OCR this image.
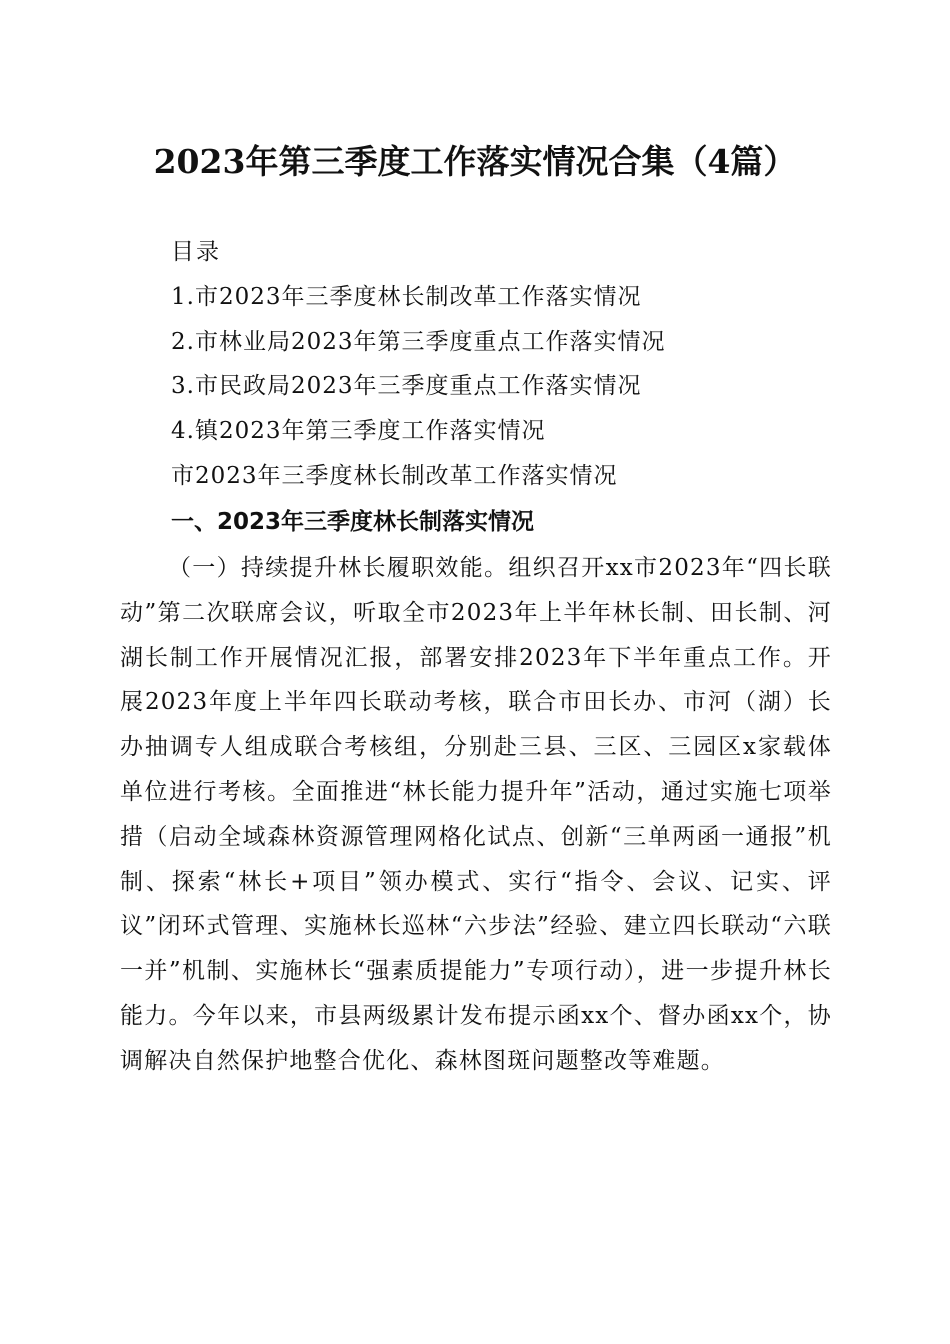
2023年第三季度工作落实情况合集（4篇）
目录
1.市2023年三季度林长制改革工作落实情况
2.市林业局2023年第三季度重点工作落实情况
3.市民政局2023年三季度重点工作落实情况
4.镇2023年第三季度工作落实情况
市2023年三季度林长制改革工作落实情况
一、2023年三季度林长制落实情况

（一）持续提升林长履职效能。组织召开xx市2023年“四长联动”第二次联席会议，听取全市2023年上半年林长制、田长制、河湖长制工作开展情况汇报，部署安排2023年下半年重点工作。开展2023年度上半年四长联动考核，联合市田长办、市河（湖）长办抽调专人组成联合考核组，分别赴三县、三区、三园区x家载体单位进行考核。全面推进“林长能力提升年”活动，通过实施七项举措（启动全域森林资源管理网格化试点、创新“三单两函一通报”机制、探索“林长+项目”领办模式、实行“指令、会议、记实、评议”闭环式管理、实施林长巡林“六步法”经验、建立四长联动“六联一并”机制、实施林长“强素质提能力”专项行动），进一步提升林长能力。今年以来，市县两级累计发布提示函xx个、督办函xx个，协调解决自然保护地整合优化、森林图斑问题整改等难题。
